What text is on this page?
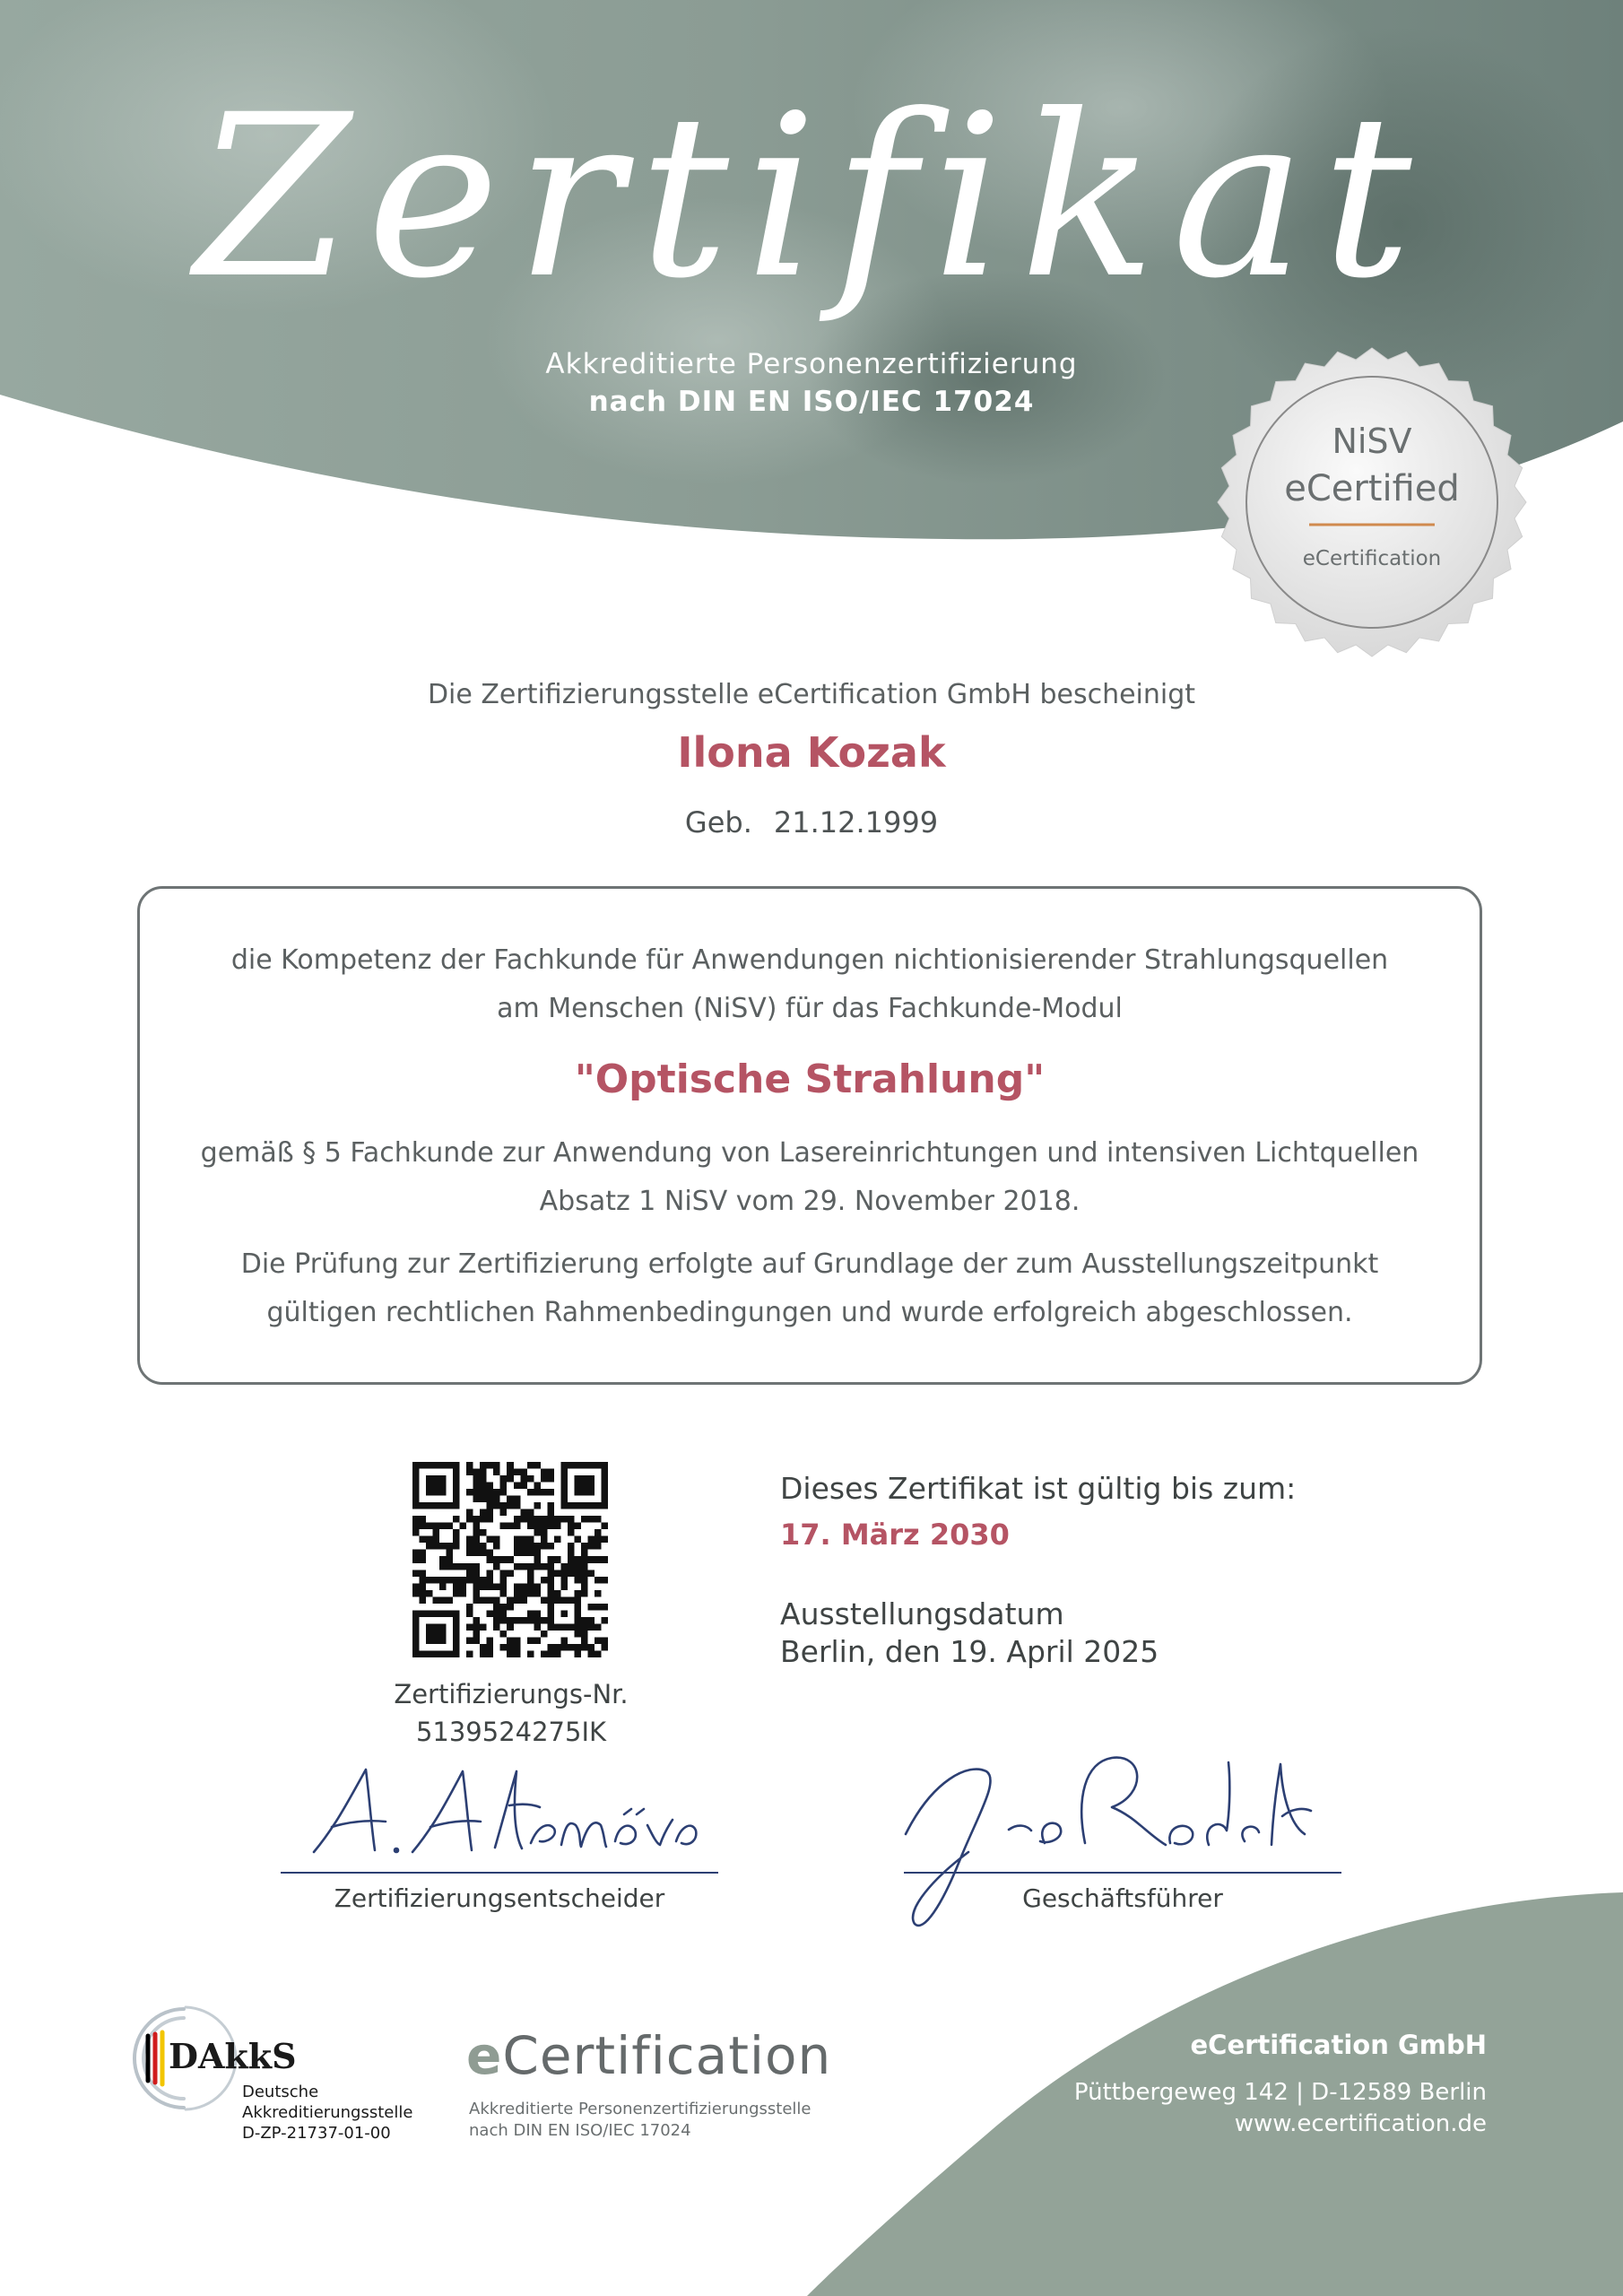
Zertifikat
Akkreditierte Personenzertifizierung
nach DIN EN ISO/IEC 17024
NiSV
eCertified
eCertification
Die Zertifizierungsstelle eCertification GmbH bescheinigt
Ilona Kozak
Geb. 21.12.1999
die Kompetenz der Fachkunde für Anwendungen nichtionisierender Strahlungsquellen
am Menschen (NiSV) für das Fachkunde-Modul
"Optische Strahlung"
gemäß § 5 Fachkunde zur Anwendung von Lasereinrichtungen und intensiven Lichtquellen
Absatz 1 NiSV vom 29. November 2018.
Die Prüfung zur Zertifizierung erfolgte auf Grundlage der zum Ausstellungszeitpunkt
gültigen rechtlichen Rahmenbedingungen und wurde erfolgreich abgeschlossen.
Zertifizierungs-Nr.
5139524275IK
Dieses Zertifikat ist gültig bis zum:
17. März 2030
Ausstellungsdatum
Berlin, den 19. April 2025
Zertifizierungsentscheider	Geschäftsführer
DAkkS
Deutsche
Akkreditierungsstelle
D-ZP-21737-01-00
eCertification
Akkreditierte Personenzertifizierungsstelle
nach DIN EN ISO/IEC 17024
eCertification GmbH
Püttbergeweg 142 | D-12589 Berlin
www.ecertification.de
